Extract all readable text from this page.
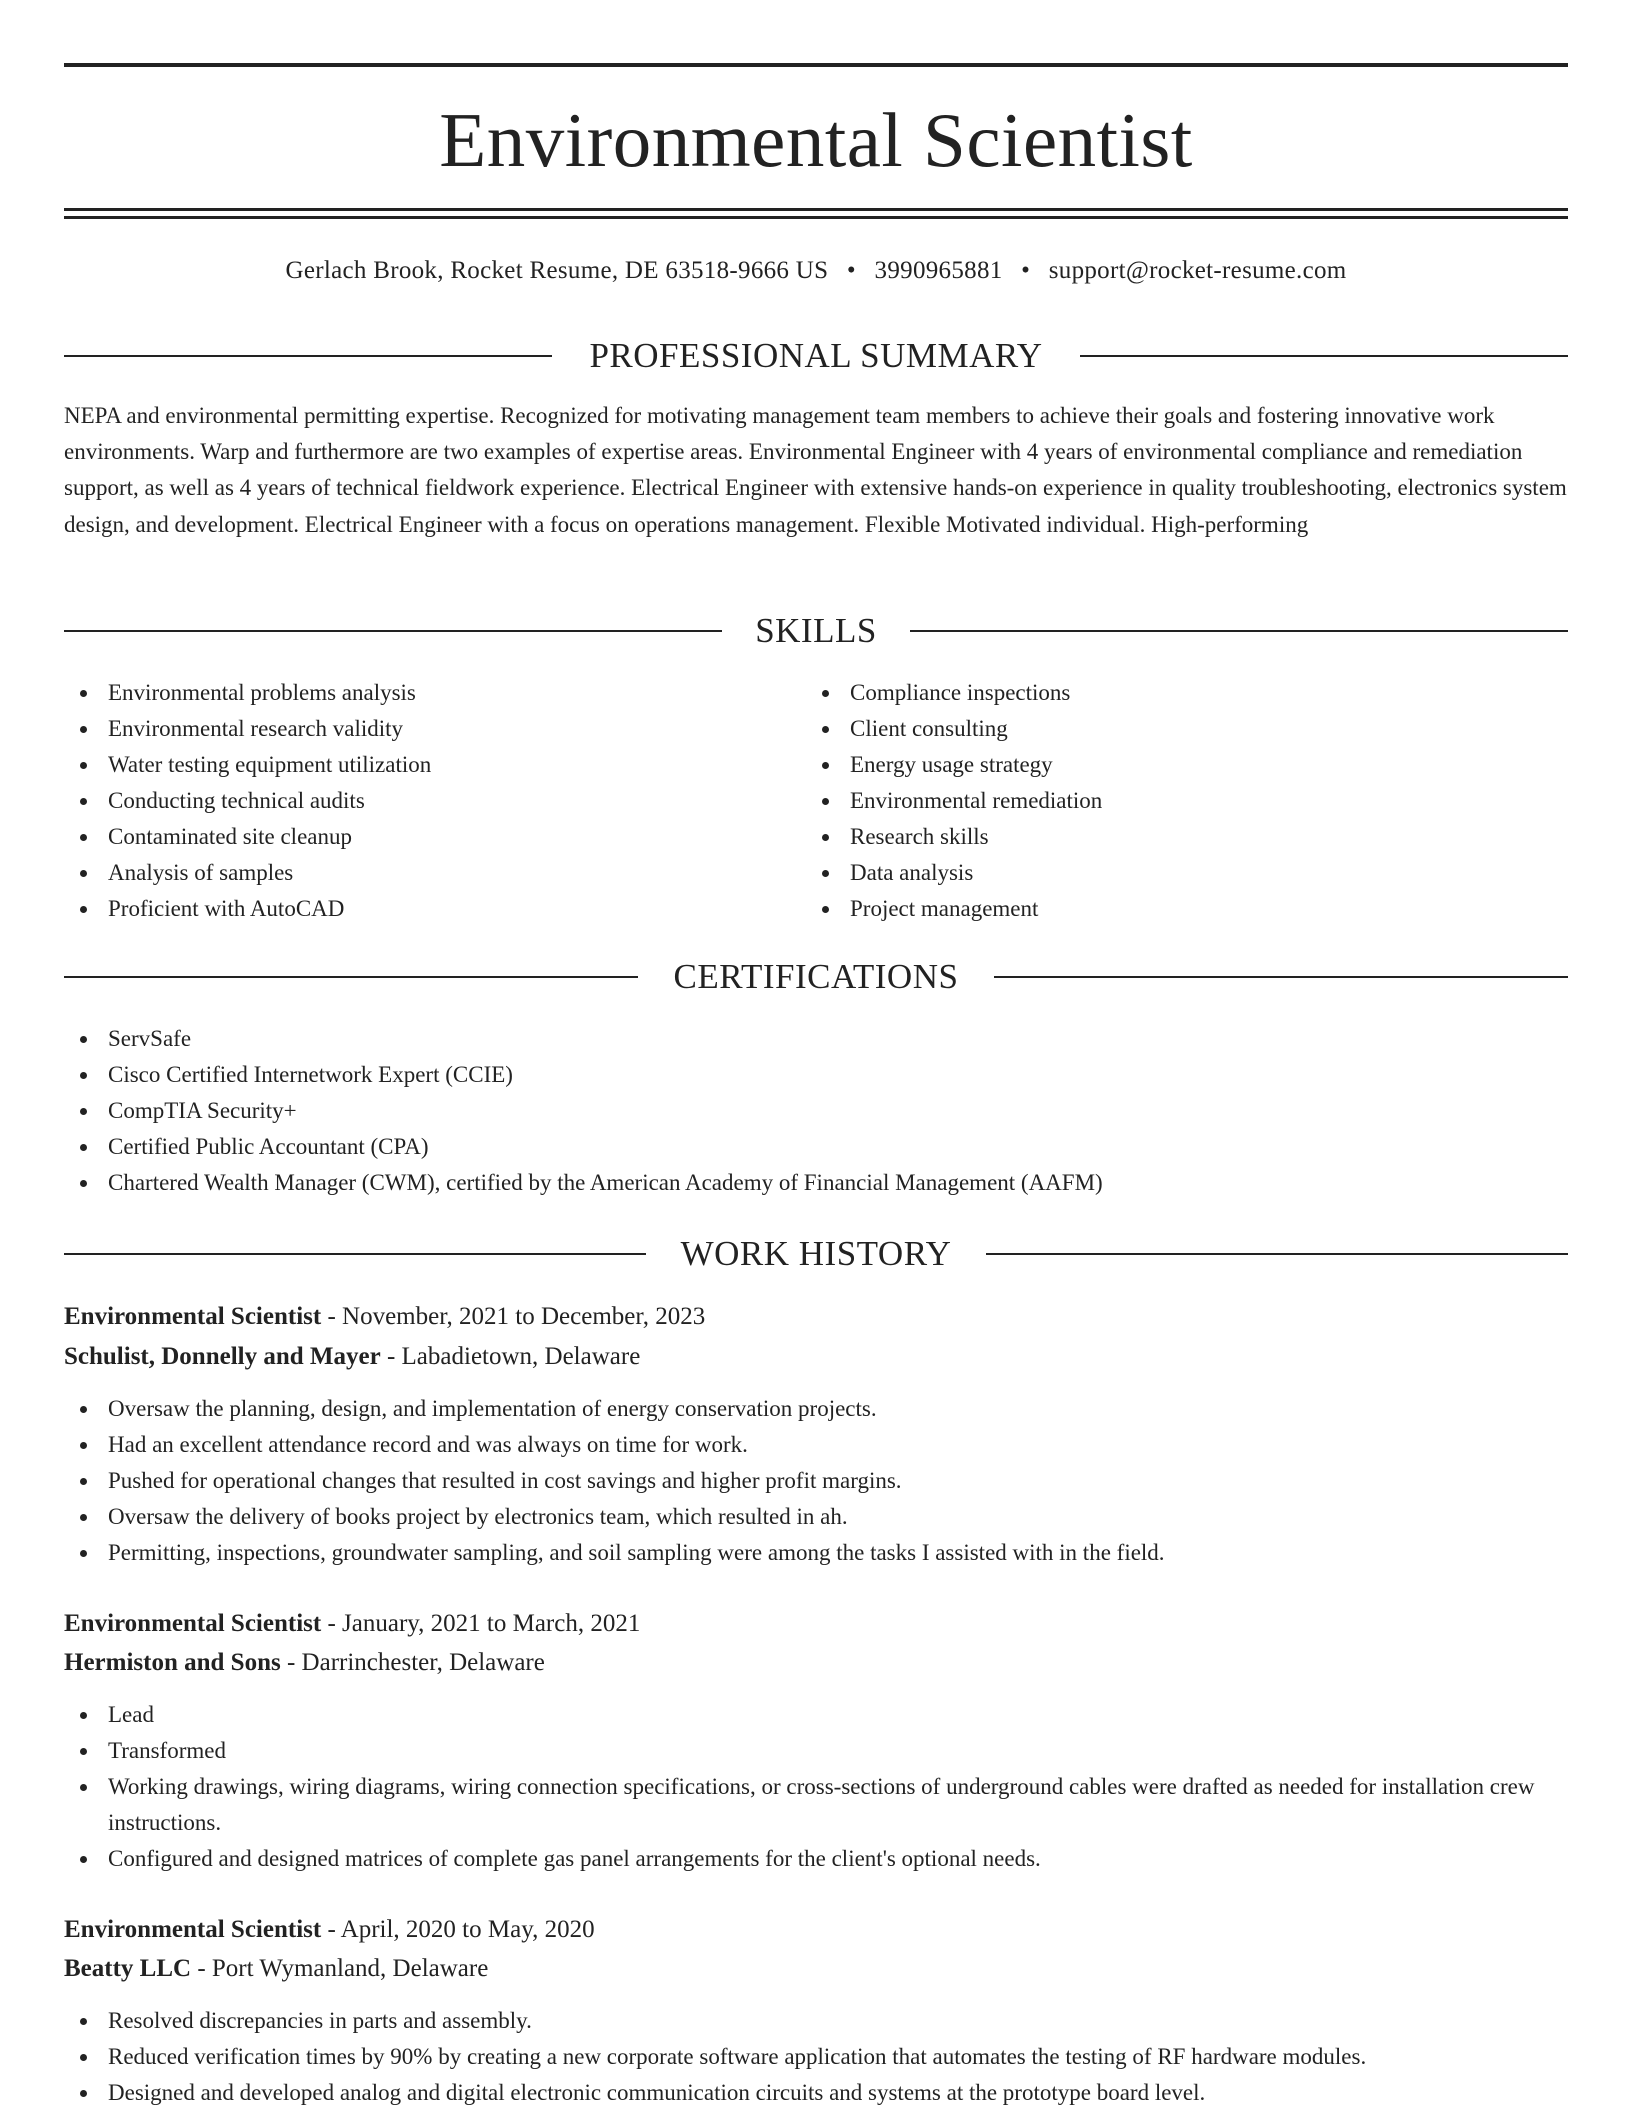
Environmental Scientist
Gerlach Brook, Rocket Resume, DE 63518-9666 US • 3990965881 • support@rocket-resume.com
PROFESSIONAL SUMMARY

NEPA and environmental permitting expertise. Recognized for motivating management team members to achieve their goals and fostering innovative work environments. Warp and furthermore are two examples of expertise areas. Environmental Engineer with 4 years of environmental compliance and remediation support, as well as 4 years of technical fieldwork experience. Electrical Engineer with extensive hands-on experience in quality troubleshooting, electronics system design, and development. Electrical Engineer with a focus on operations management. Flexible Motivated individual. High-performing

SKILLS
Environmental problems analysis
Environmental research validity
Water testing equipment utilization
Conducting technical audits
Contaminated site cleanup
Analysis of samples
Proficient with AutoCAD
Compliance inspections
Client consulting
Energy usage strategy
Environmental remediation
Research skills
Data analysis
Project management
CERTIFICATIONS
ServSafe
Cisco Certified Internetwork Expert (CCIE)
CompTIA Security+
Certified Public Accountant (CPA)
Chartered Wealth Manager (CWM), certified by the American Academy of Financial Management (AAFM)
WORK HISTORY
Environmental Scientist - November, 2021 to December, 2023
Schulist, Donnelly and Mayer - Labadietown, Delaware
Oversaw the planning, design, and implementation of energy conservation projects.
Had an excellent attendance record and was always on time for work.
Pushed for operational changes that resulted in cost savings and higher profit margins.
Oversaw the delivery of books project by electronics team, which resulted in ah.
Permitting, inspections, groundwater sampling, and soil sampling were among the tasks I assisted with in the field.
Environmental Scientist - January, 2021 to March, 2021
Hermiston and Sons - Darrinchester, Delaware
Lead
Transformed
Working drawings, wiring diagrams, wiring connection specifications, or cross-sections of underground cables were drafted as needed for installation crew instructions.
Configured and designed matrices of complete gas panel arrangements for the client's optional needs.
Environmental Scientist - April, 2020 to May, 2020
Beatty LLC - Port Wymanland, Delaware
Resolved discrepancies in parts and assembly.
Reduced verification times by 90% by creating a new corporate software application that automates the testing of RF hardware modules.
Designed and developed analog and digital electronic communication circuits and systems at the prototype board level.
